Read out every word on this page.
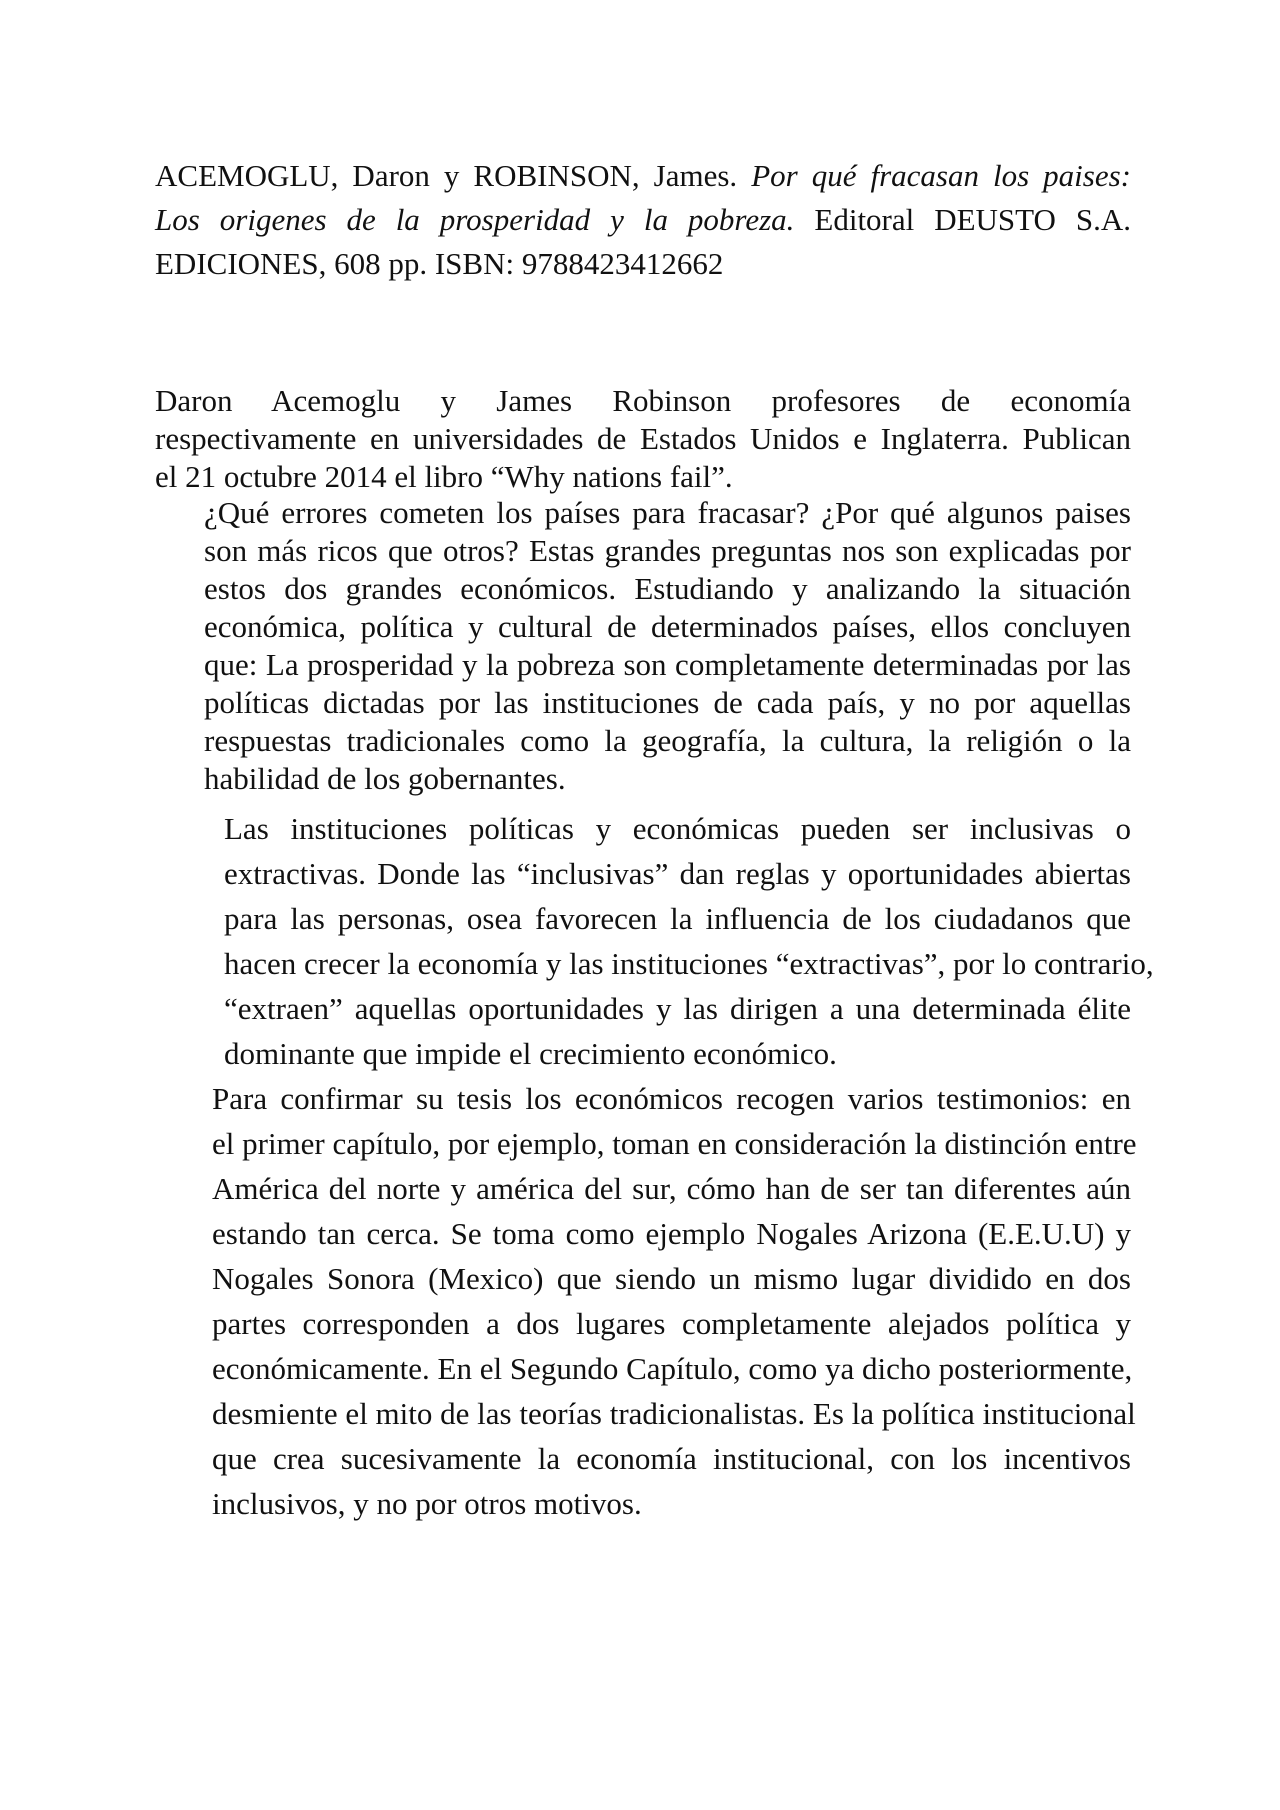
ACEMOGLU, Daron y ROBINSON, James. Por qué fracasan los paises:
Los origenes de la prosperidad y la pobreza. Editoral DEUSTO S.A.
EDICIONES, 608 pp. ISBN: 9788423412662
Daron Acemoglu y James Robinson profesores de economía
respectivamente en universidades de Estados Unidos e Inglaterra. Publican
el 21 octubre 2014 el libro “Why nations fail”.
¿Qué errores cometen los países para fracasar? ¿Por qué algunos paises
son más ricos que otros? Estas grandes preguntas nos son explicadas por
estos dos grandes económicos. Estudiando y analizando la situación
económica, política y cultural de determinados países, ellos concluyen
que: La prosperidad y la pobreza son completamente determinadas por las
políticas dictadas por las instituciones de cada país, y no por aquellas
respuestas tradicionales como la geografía, la cultura, la religión o la
habilidad de los gobernantes.
Las instituciones políticas y económicas pueden ser inclusivas o
extractivas. Donde las “inclusivas” dan reglas y oportunidades abiertas
para las personas, osea favorecen la influencia de los ciudadanos que
hacen crecer la economía y las instituciones “extractivas”, por lo contrario,
“extraen” aquellas oportunidades y las dirigen a una determinada élite
dominante que impide el crecimiento económico.
Para confirmar su tesis los económicos recogen varios testimonios: en
el primer capítulo, por ejemplo, toman en consideración la distinción entre
América del norte y américa del sur, cómo han de ser tan diferentes aún
estando tan cerca. Se toma como ejemplo Nogales Arizona (E.E.U.U) y
Nogales Sonora (Mexico) que siendo un mismo lugar dividido en dos
partes corresponden a dos lugares completamente alejados política y
económicamente. En el Segundo Capítulo, como ya dicho posteriormente,
desmiente el mito de las teorías tradicionalistas. Es la política institucional
que crea sucesivamente la economía institucional, con los incentivos
inclusivos, y no por otros motivos.
